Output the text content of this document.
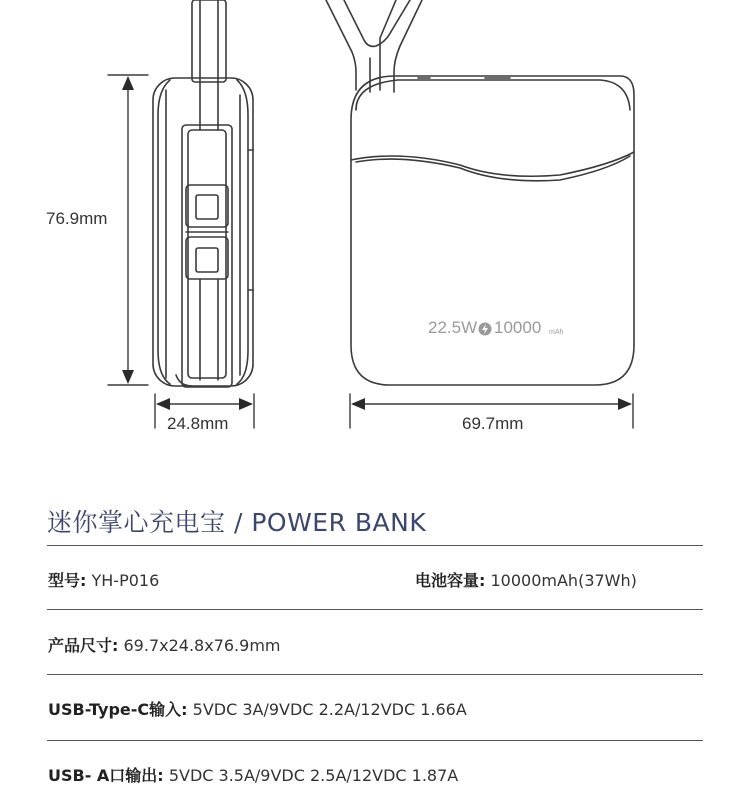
22.5W 10000 mAh
76.9mm
24.8mm	69.7mm
迷你掌心充电宝 / POWER BANK
型号: YH-P016	电池容量: 10000mAh(37Wh)
产品尺寸: 69.7x24.8x76.9mm
USB-Type-C输入: 5VDC 3A/9VDC 2.2A/12VDC 1.66A
USB- A口输出: 5VDC 3.5A/9VDC 2.5A/12VDC 1.87A
